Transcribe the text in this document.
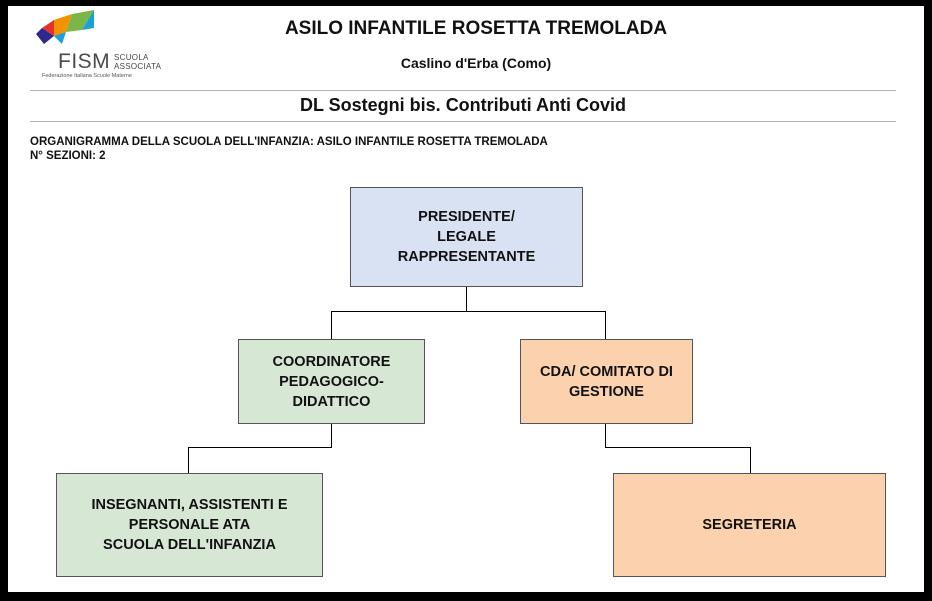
FISM SCUOLA
ASSOCIATA
Federazione Italiana Scuole Materne
ASILO INFANTILE ROSETTA TREMOLADA
Caslino d'Erba (Como)
DL Sostegni bis. Contributi Anti Covid
ORGANIGRAMMA DELLA SCUOLA DELL'INFANZIA: ASILO INFANTILE ROSETTA TREMOLADA
N° SEZIONI: 2
PRESIDENTE/
LEGALE
RAPPRESENTANTE
COORDINATORE
PEDAGOGICO-
DIDATTICO
CDA/ COMITATO DI
GESTIONE
INSEGNANTI, ASSISTENTI E
PERSONALE ATA
SCUOLA DELL'INFANZIA
SEGRETERIA
